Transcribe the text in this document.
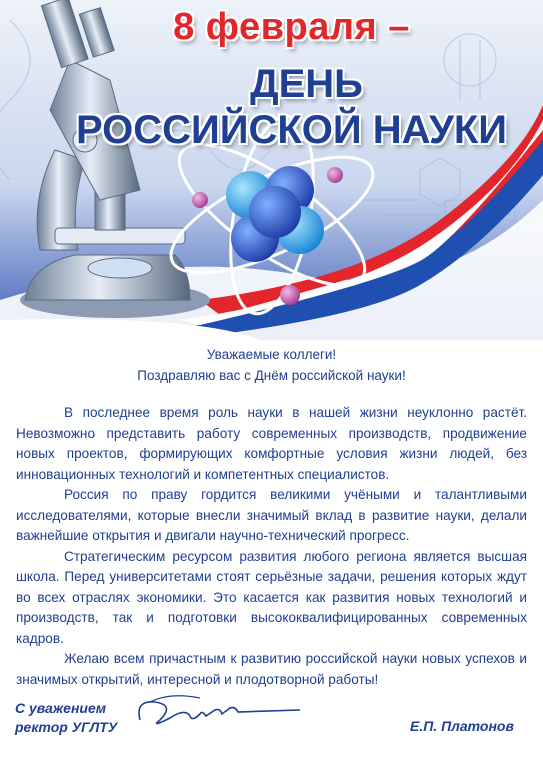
8 февраля –
ДЕНЬ
РОССИЙСКОЙ НАУКИ
Уважаемые коллеги!
Поздравляю вас с Днём российской науки!

В последнее время роль науки в нашей жизни неуклонно растёт. Невозможно представить работу современных производств, продвижение новых проектов, формирующих комфортные условия жизни людей, без инновационных технологий и компетентных специалистов.

Россия по праву гордится великими учёными и талантливыми исследователями, которые внесли значимый вклад в развитие науки, делали важнейшие открытия и двигали научно-технический прогресс.

Стратегическим ресурсом развития любого региона является высшая школа. Перед университетами стоят серьёзные задачи, решения которых ждут во всех отраслях экономики. Это касается как развития новых технологий и производств, так и подготовки высококвалифицированных современных кадров.

Желаю всем причастным к развитию российской науки новых успехов и значимых открытий, интересной и плодотворной работы!

С уважением
ректор УГЛТУ	Е.П. Платонов
